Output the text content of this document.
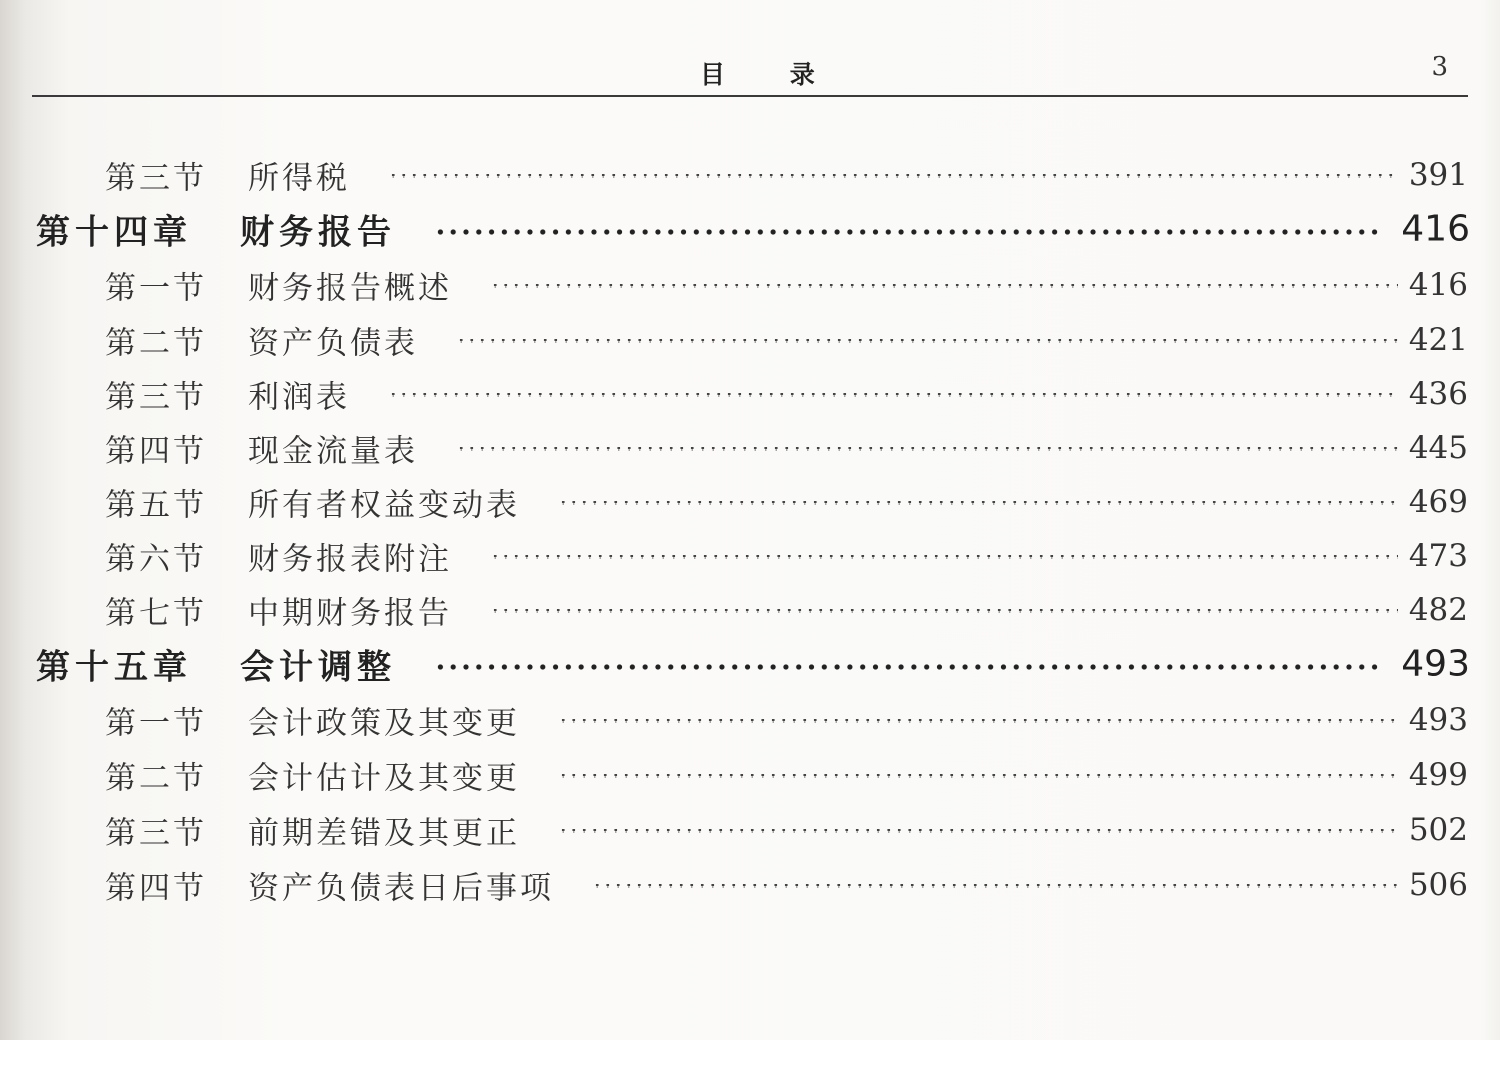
目 录	3
第三节 所得税	391
第十四章 财务报告	416
第一节 财务报告概述	416
第二节 资产负债表	421
第三节 利润表	436
第四节 现金流量表	445
第五节 所有者权益变动表	469
第六节 财务报表附注	473
第七节 中期财务报告	482
第十五章 会计调整	493
第一节 会计政策及其变更	493
第二节 会计估计及其变更	499
第三节 前期差错及其更正	502
第四节 资产负债表日后事项	506
